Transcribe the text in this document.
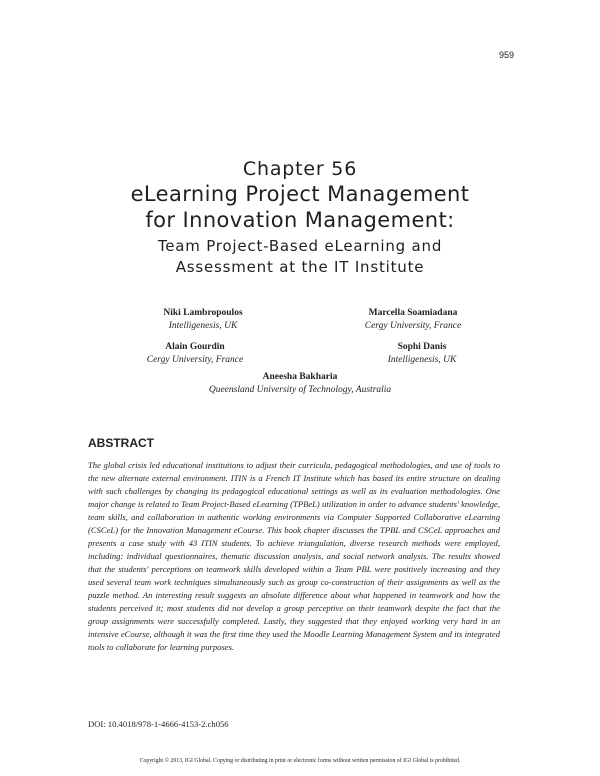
959
Chapter 56
eLearning Project Management
for Innovation Management:
Team Project-Based eLearning and
Assessment at the IT Institute
Niki Lambropoulos
Intelligenesis, UK
Marcella Soamiadana
Cergy University, France
Alain Gourdin
Cergy University, France
Sophi Danis
Intelligenesis, UK
Aneesha Bakharia
Queensland University of Technology, Australia
ABSTRACT

The global crisis led educational institutions to adjust their curricula, pedagogical methodologies, and use of tools to the new alternate external environment. ITIN is a French IT Institute which has based its entire structure on dealing with such challenges by changing its pedagogical educational settings as well as its evaluation methodologies. One major change is related to Team Project-Based eLearning (TPBeL) utilization in order to advance students' knowledge, team skills, and collaboration in authentic working environments via Computer Supported Collaborative eLearning (CSCeL) for the Innovation Management eCourse. This book chapter discusses the TPBL and CSCeL approaches and presents a case study with 43 ITIN students. To achieve triangulation, diverse research methods were employed, including: individual questionnaires, thematic discussion analysis, and social network analysis. The results showed that the students' perceptions on teamwork skills developed within a Team PBL were positively increasing and they used several team work techniques simultaneously such as group co-construction of their assignments as well as the puzzle method. An interesting result suggests an absolute difference about what happened in teamwork and how the students perceived it; most students did not develop a group perceptive on their teamwork despite the fact that the group assignments were successfully completed. Lastly, they suggested that they enjoyed working very hard in an intensive eCourse, although it was the first time they used the Moodle Learning Management System and its integrated tools to collaborate for learning purposes.

DOI: 10.4018/978-1-4666-4153-2.ch056
Copyright © 2013, IGI Global. Copying or distributing in print or electronic forms without written permission of IGI Global is prohibited.
